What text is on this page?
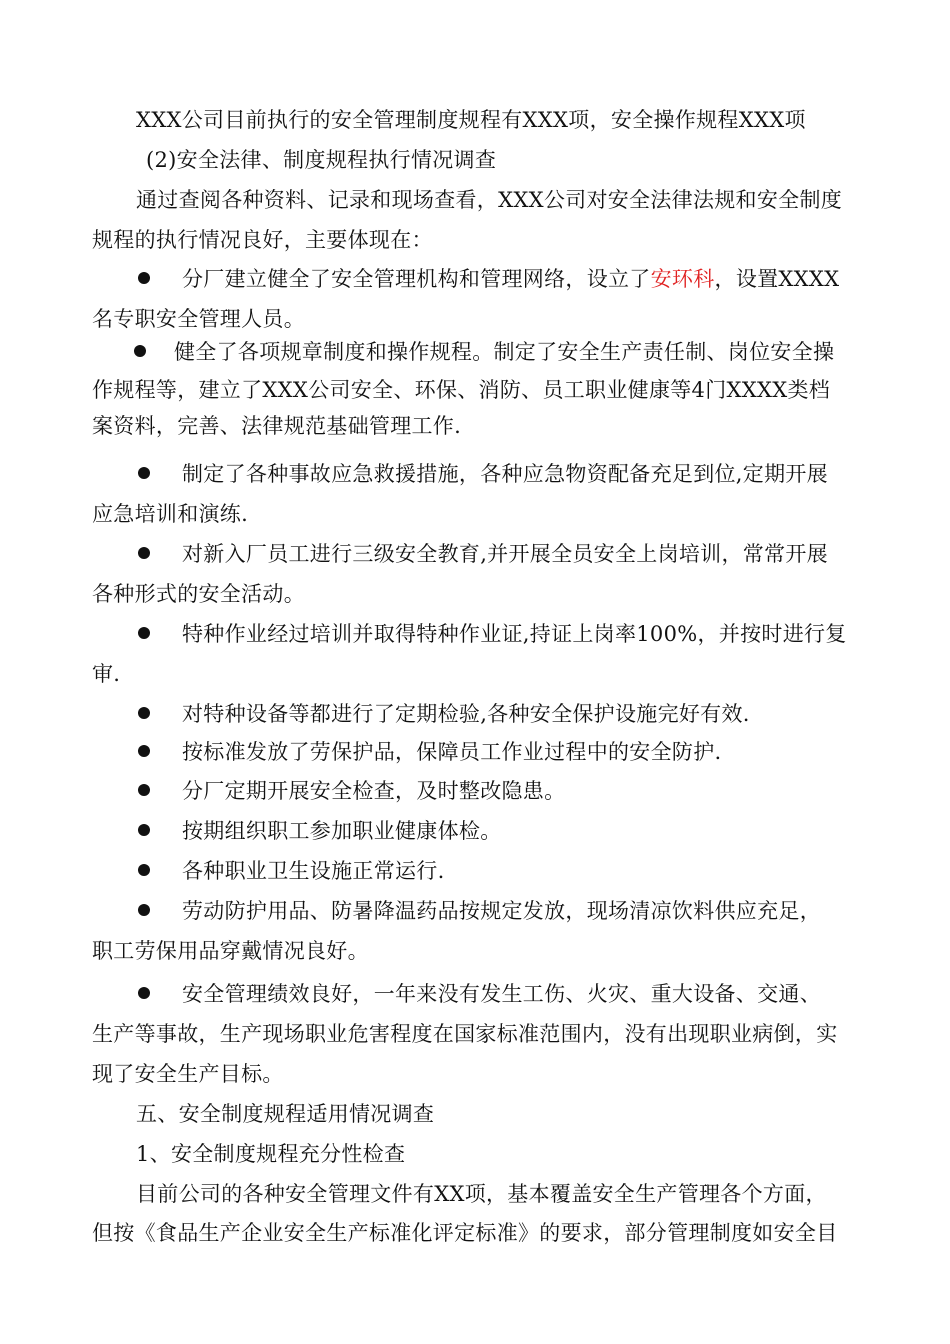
XXX公司目前执行的安全管理制度规程有XXX项，安全操作规程XXX项
(2)安全法律、制度规程执行情况调查
通过查阅各种资料、记录和现场查看，XXX公司对安全法律法规和安全制度
规程的执行情况良好，主要体现在：
分厂建立健全了安全管理机构和管理网络，设立了安环科，设置XXXX
名专职安全管理人员。
健全了各项规章制度和操作规程。制定了安全生产责任制、岗位安全操
作规程等，建立了XXX公司安全、环保、消防、员工职业健康等4门XXXX类档
案资料，完善、法律规范基础管理工作.
制定了各种事故应急救援措施，各种应急物资配备充足到位,定期开展
应急培训和演练.
对新入厂员工进行三级安全教育,并开展全员安全上岗培训，常常开展
各种形式的安全活动。
特种作业经过培训并取得特种作业证,持证上岗率100%，并按时进行复
审.
对特种设备等都进行了定期检验,各种安全保护设施完好有效.
按标准发放了劳保护品，保障员工作业过程中的安全防护.
分厂定期开展安全检查，及时整改隐患。
按期组织职工参加职业健康体检。
各种职业卫生设施正常运行.
劳动防护用品、防暑降温药品按规定发放，现场清凉饮料供应充足，
职工劳保用品穿戴情况良好。
安全管理绩效良好，一年来没有发生工伤、火灾、重大设备、交通、
生产等事故，生产现场职业危害程度在国家标准范围内，没有出现职业病倒，实
现了安全生产目标。
五、安全制度规程适用情况调查
1、安全制度规程充分性检查
目前公司的各种安全管理文件有XX项，基本覆盖安全生产管理各个方面，
但按《食品生产企业安全生产标准化评定标准》的要求，部分管理制度如安全目
